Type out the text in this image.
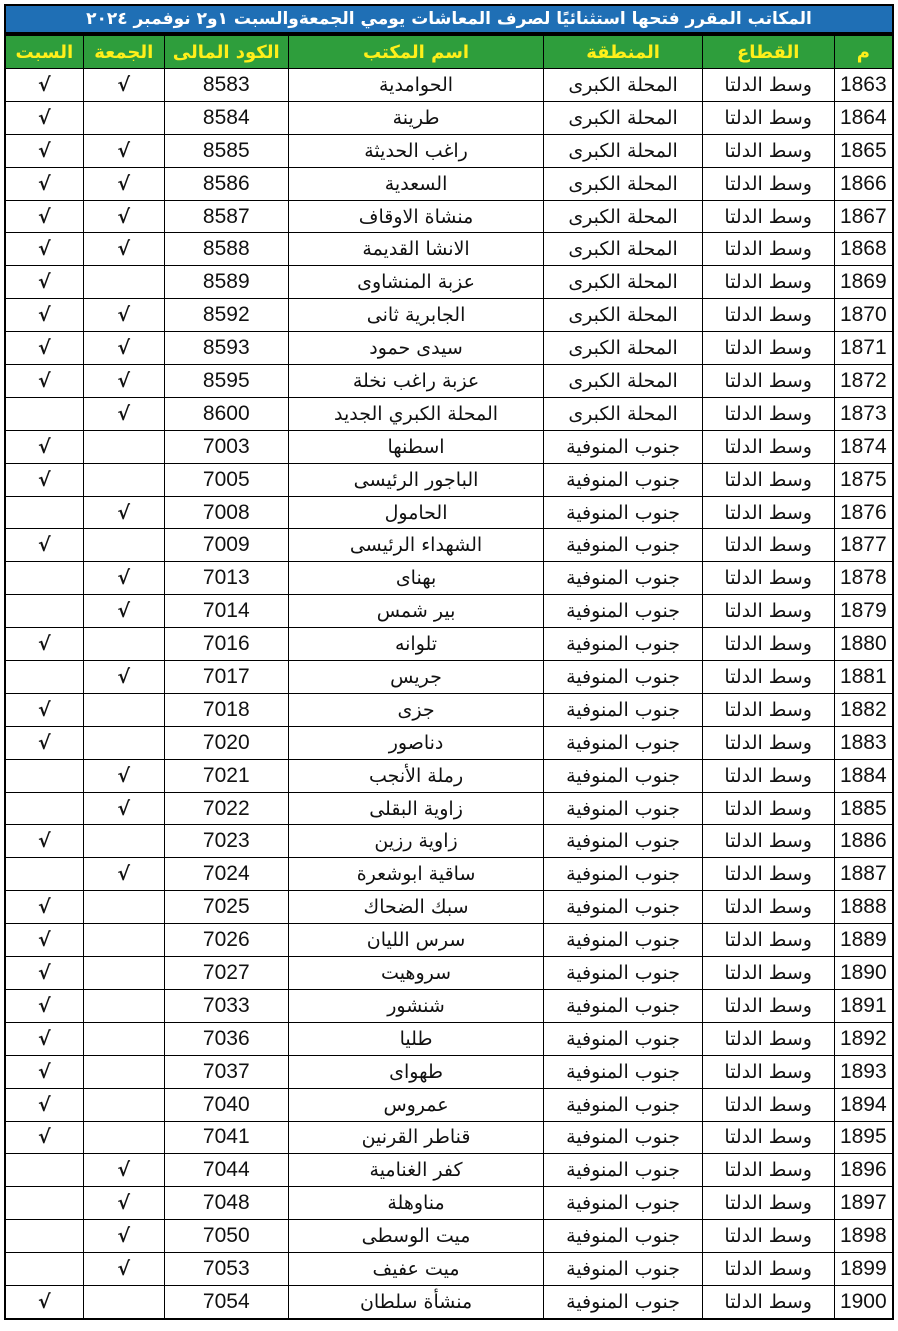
المكاتب المقرر فتحها استثنائيًا لصرف المعاشات يومي الجمعةوالسبت ١و٢ نوفمبر ٢٠٢٤
م	القطاع	المنطقة	اسم المكتب	الكود المالى	الجمعة	السبت
1863	وسط الدلتا	المحلة الكبرى	الحوامدية	8583	√	√
1864	وسط الدلتا	المحلة الكبرى	طرينة	8584		√
1865	وسط الدلتا	المحلة الكبرى	راغب الحديثة	8585	√	√
1866	وسط الدلتا	المحلة الكبرى	السعدية	8586	√	√
1867	وسط الدلتا	المحلة الكبرى	منشاة الاوقاف	8587	√	√
1868	وسط الدلتا	المحلة الكبرى	الانشا القديمة	8588	√	√
1869	وسط الدلتا	المحلة الكبرى	عزبة المنشاوى	8589		√
1870	وسط الدلتا	المحلة الكبرى	الجابرية ثانى	8592	√	√
1871	وسط الدلتا	المحلة الكبرى	سيدى حمود	8593	√	√
1872	وسط الدلتا	المحلة الكبرى	عزبة راغب نخلة	8595	√	√
1873	وسط الدلتا	المحلة الكبرى	المحلة الكبري الجديد	8600	√	
1874	وسط الدلتا	جنوب المنوفية	اسطنها	7003		√
1875	وسط الدلتا	جنوب المنوفية	الباجور الرئيسى	7005		√
1876	وسط الدلتا	جنوب المنوفية	الحامول	7008	√	
1877	وسط الدلتا	جنوب المنوفية	الشهداء الرئيسى	7009		√
1878	وسط الدلتا	جنوب المنوفية	بهناى	7013	√	
1879	وسط الدلتا	جنوب المنوفية	بير شمس	7014	√	
1880	وسط الدلتا	جنوب المنوفية	تلوانه	7016		√
1881	وسط الدلتا	جنوب المنوفية	جريس	7017	√	
1882	وسط الدلتا	جنوب المنوفية	جزى	7018		√
1883	وسط الدلتا	جنوب المنوفية	دناصور	7020		√
1884	وسط الدلتا	جنوب المنوفية	رملة الأنجب	7021	√	
1885	وسط الدلتا	جنوب المنوفية	زاوية البقلى	7022	√	
1886	وسط الدلتا	جنوب المنوفية	زاوية رزين	7023		√
1887	وسط الدلتا	جنوب المنوفية	ساقية ابوشعرة	7024	√	
1888	وسط الدلتا	جنوب المنوفية	سبك الضحاك	7025		√
1889	وسط الدلتا	جنوب المنوفية	سرس الليان	7026		√
1890	وسط الدلتا	جنوب المنوفية	سروهيت	7027		√
1891	وسط الدلتا	جنوب المنوفية	شنشور	7033		√
1892	وسط الدلتا	جنوب المنوفية	طليا	7036		√
1893	وسط الدلتا	جنوب المنوفية	طهواى	7037		√
1894	وسط الدلتا	جنوب المنوفية	عمروس	7040		√
1895	وسط الدلتا	جنوب المنوفية	قناطر القرنين	7041		√
1896	وسط الدلتا	جنوب المنوفية	كفر الغنامية	7044	√	
1897	وسط الدلتا	جنوب المنوفية	مناوهلة	7048	√	
1898	وسط الدلتا	جنوب المنوفية	ميت الوسطى	7050	√	
1899	وسط الدلتا	جنوب المنوفية	ميت عفيف	7053	√	
1900	وسط الدلتا	جنوب المنوفية	منشأة سلطان	7054		√
